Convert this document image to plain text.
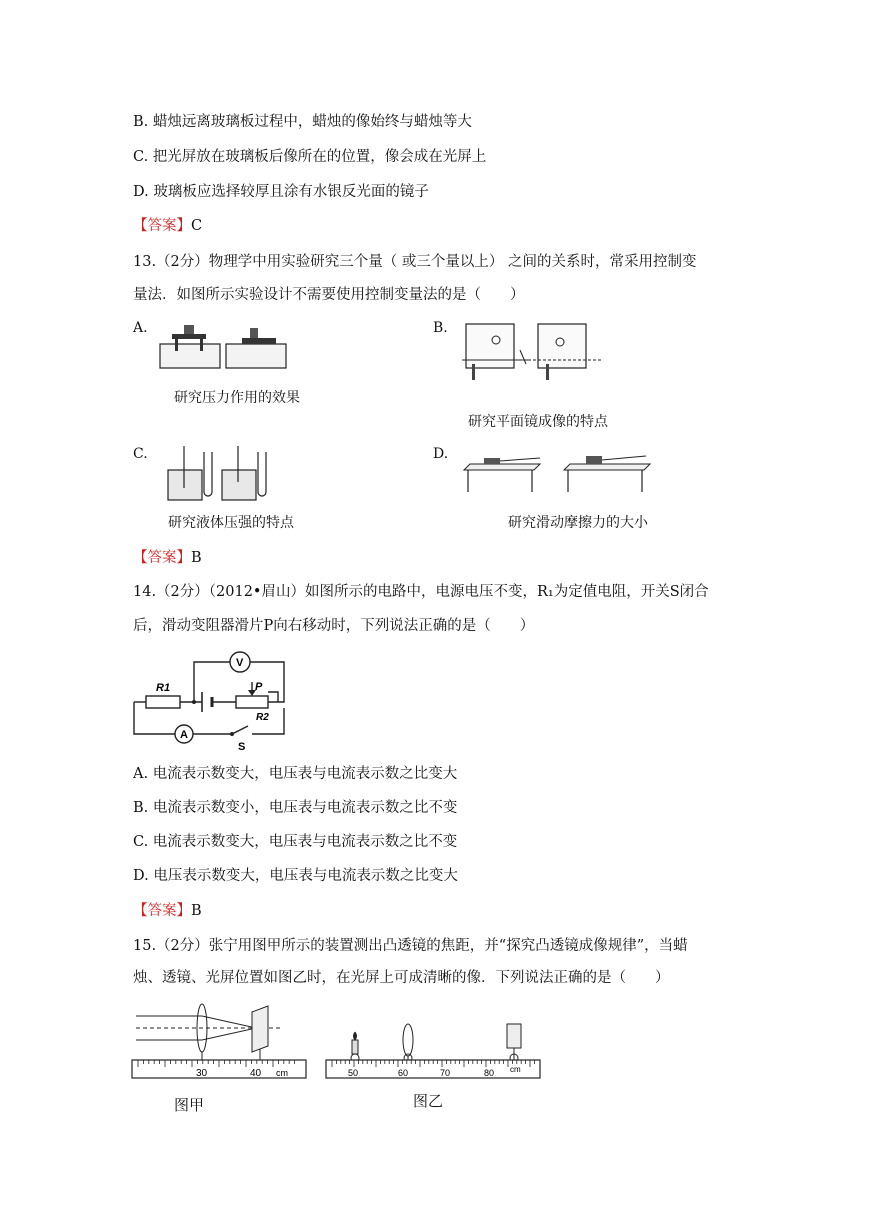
B. 蜡烛远离玻璃板过程中，蜡烛的像始终与蜡烛等大
C. 把光屏放在玻璃板后像所在的位置，像会成在光屏上
D. 玻璃板应选择较厚且涂有水银反光面的镜子
【答案】C
13.（2分）物理学中用实验研究三个量（ 或三个量以上） 之间的关系时，常采用控制变
量法．如图所示实验设计不需要使用控制变量法的是（　　）
A.
研究压力作用的效果
B.
研究平面镜成像的特点
C.
研究液体压强的特点
D.
研究滑动摩擦力的大小
【答案】B
14.（2分）（2012•眉山）如图所示的电路中，电源电压不变，R₁为定值电阻，开关S闭合
后，滑动变阻器滑片P向右移动时，下列说法正确的是（　　）
R1
R2
P
V
A
S
A. 电流表示数变大，电压表与电流表示数之比变大
B. 电流表示数变小，电压表与电流表示数之比不变
C. 电流表示数变大，电压表与电流表示数之比不变
D. 电压表示数变大，电压表与电流表示数之比变大
【答案】B
15.（2分）张宁用图甲所示的装置测出凸透镜的焦距，并“探究凸透镜成像规律”，当蜡
烛、透镜、光屏位置如图乙时，在光屏上可成清晰的像．下列说法正确的是（　　）
30	40 cm
图甲
50	60	70	80 cm
图乙
